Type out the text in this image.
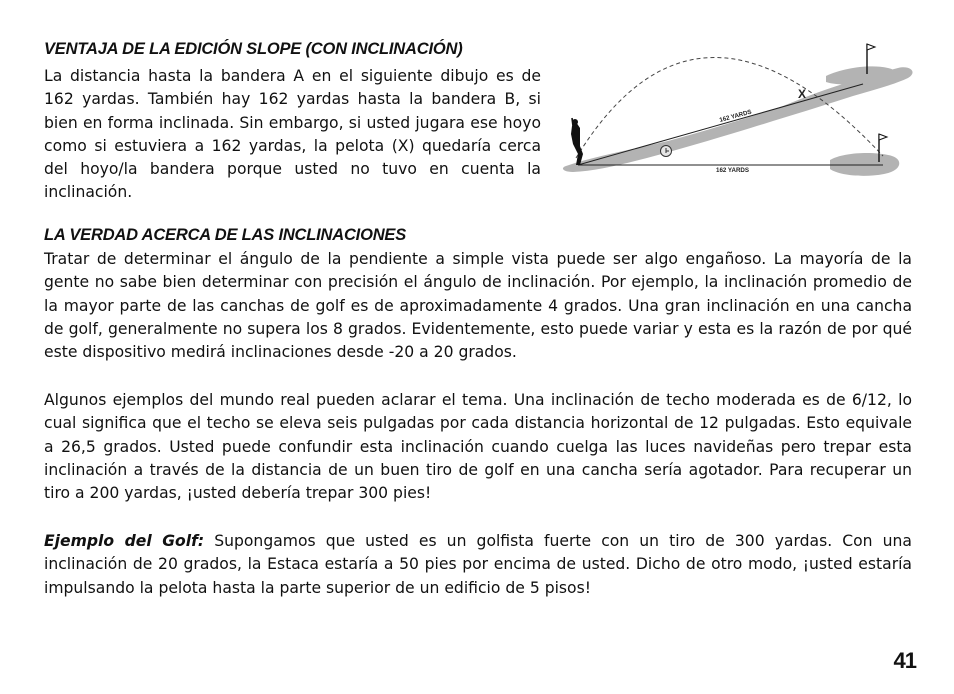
VENTAJA DE LA EDICIÓN SLOPE (CON INCLINACIÓN)

La distancia hasta la bandera A en el siguiente dibujo es de 162 yardas. También hay 162 yardas hasta la bandera B, si bien en forma inclinada. Sin embargo, si usted jugara ese hoyo como si estuviera a 162 yardas, la pelota (X) quedaría cerca del hoyo/la bandera porque usted no tuvo en cuenta la inclinación.

X
162 YARDS
162 YARDS
LA VERDAD ACERCA DE LAS INCLINACIONES

Tratar de determinar el ángulo de la pendiente a simple vista puede ser algo engañoso. La mayoría de la gente no sabe bien determinar con precisión el ángulo de inclinación. Por ejemplo, la inclinación promedio de la mayor parte de las canchas de golf es de aproximadamente 4 grados. Una gran inclinación en una cancha de golf, generalmente no supera los 8 grados. Evidentemente, esto puede variar y esta es la razón de por qué este dispositivo medirá inclinaciones desde -20 a 20 grados.

Algunos ejemplos del mundo real pueden aclarar el tema. Una inclinación de techo moderada es de 6/12, lo cual significa que el techo se eleva seis pulgadas por cada distancia horizontal de 12 pulgadas. Esto equivale a 26,5 grados. Usted puede confundir esta inclinación cuando cuelga las luces navideñas pero trepar esta inclinación a través de la distancia de un buen tiro de golf en una cancha sería agotador. Para recuperar un tiro a 200 yardas, ¡usted debería trepar 300 pies!

Ejemplo del Golf: Supongamos que usted es un golfista fuerte con un tiro de 300 yardas. Con una inclinación de 20 grados, la Estaca estaría a 50 pies por encima de usted. Dicho de otro modo, ¡usted estaría impulsando la pelota hasta la parte superior de un edificio de 5 pisos!

41
